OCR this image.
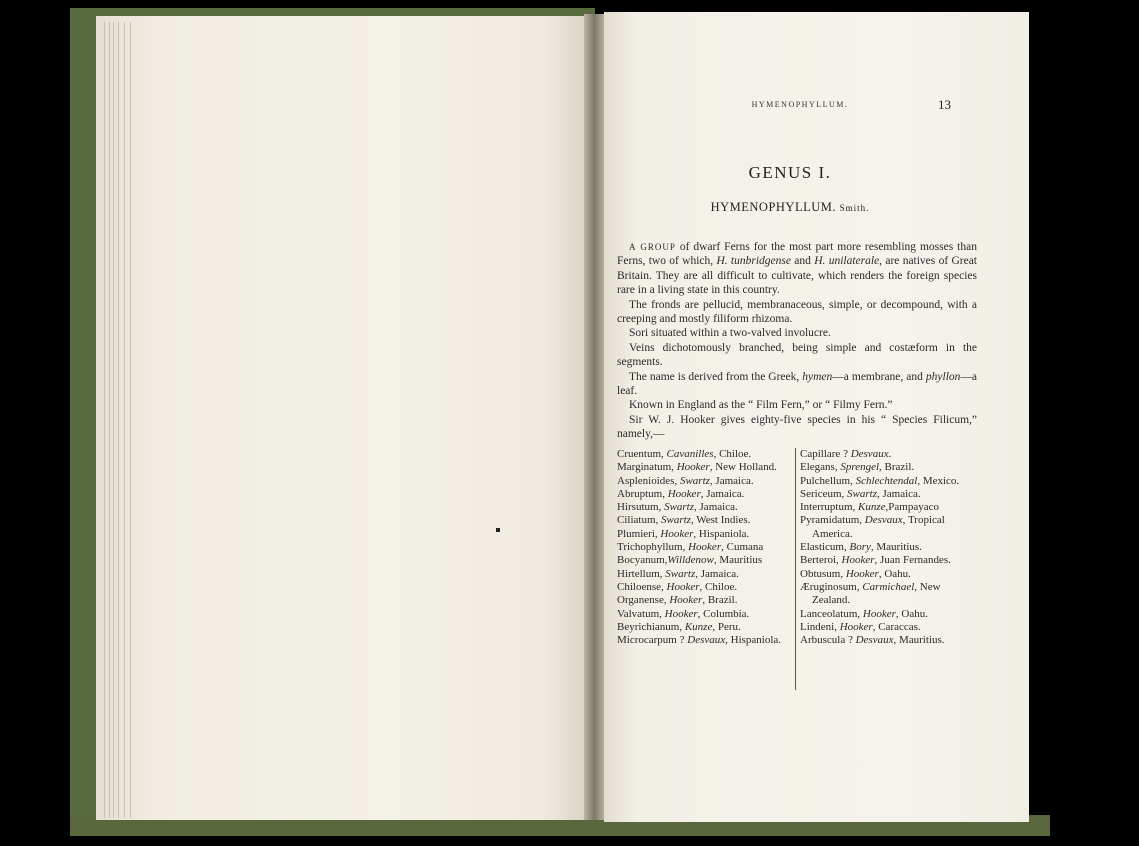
HYMENOPHYLLUM.	13
GENUS I.
HYMENOPHYLLUM. Smith.

A GROUP of dwarf Ferns for the most part more resembling mosses than Ferns, two of which, H. tunbridgense and H. unilaterale, are natives of Great Britain. They are all difficult to cultivate, which renders the foreign species rare in a living state in this country.

The fronds are pellucid, membranaceous, simple, or decompound, with a creeping and mostly filiform rhizoma.

Sori situated within a two-valved involucre.

Veins dichotomously branched, being simple and costæform in the segments.

The name is derived from the Greek, hymen—a membrane, and phyllon—a leaf.

Known in England as the “ Film Fern,” or “ Filmy Fern.”

Sir W. J. Hooker gives eighty-five species in his “ Species Filicum,” namely,—

Cruentum, Cavanilles, Chiloe.
Marginatum, Hooker, New Holland.
Asplenioides, Swartz, Jamaica.
Abruptum, Hooker, Jamaica.
Hirsutum, Swartz, Jamaica.
Ciliatum, Swartz, West Indies.
Plumieri, Hooker, Hispaniola.
Trichophyllum, Hooker, Cumana
Bocyanum,Willdenow, Mauritius
Hirtellum, Swartz, Jamaica.
Chiloense, Hooker, Chiloe.
Organense, Hooker, Brazil.
Valvatum, Hooker, Columbia.
Beyrichianum, Kunze, Peru.
Microcarpum ? Desvaux, Hispaniola.
Capillare ? Desvaux.
Elegans, Sprengel, Brazil.
Pulchellum, Schlechtendal, Mexico.
Sericeum, Swartz, Jamaica.
Interruptum, Kunze,Pampayaco
Pyramidatum, Desvaux, Tropical America.
Elasticum, Bory, Mauritius.
Berteroi, Hooker, Juan Fernandes.
Obtusum, Hooker, Oahu.
Æruginosum, Carmichael, New Zealand.
Lanceolatum, Hooker, Oahu.
Lindeni, Hooker, Caraccas.
Arbuscula ? Desvaux, Mauritius.
